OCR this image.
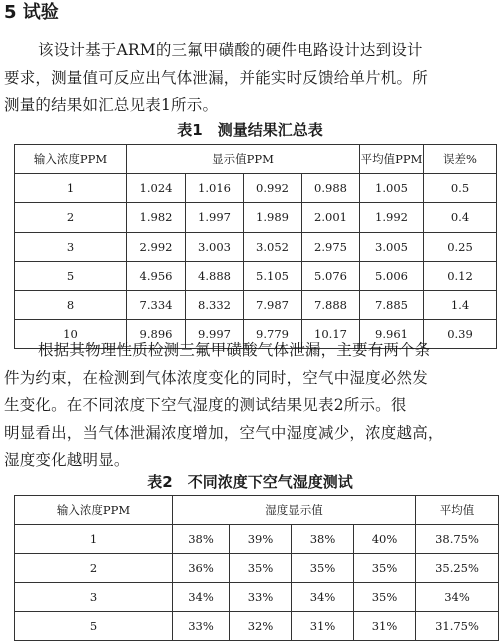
5 试验

该设计基于ARM的三氟甲磺酸的硬件电路设计达到设计
要求，测量值可反应出气体泄漏，并能实时反馈给单片机。所
测量的结果如汇总见表1所示。

表1　测量结果汇总表
输入浓度PPM	显示值PPM				平均值PPM	误差%
1	1.024	1.016	0.992	0.988	1.005	0.5
2	1.982	1.997	1.989	2.001	1.992	0.4
3	2.992	3.003	3.052	2.975	3.005	0.25
5	4.956	4.888	5.105	5.076	5.006	0.12
8	7.334	8.332	7.987	7.888	7.885	1.4
10	9.896	9.997	9.779	10.17	9.961	0.39

根据其物理性质检测三氟甲磺酸气体泄漏，主要有两个条
件为约束，在检测到气体浓度变化的同时，空气中湿度必然发
生变化。在不同浓度下空气湿度的测试结果见表2所示。很
明显看出，当气体泄漏浓度增加，空气中湿度减少，浓度越高，
湿度变化越明显。

表2　不同浓度下空气湿度测试
输入浓度PPM	湿度显示值				平均值
1	38%	39%	38%	40%	38.75%
2	36%	35%	35%	35%	35.25%
3	34%	33%	34%	35%	34%
5	33%	32%	31%	31%	31.75%
